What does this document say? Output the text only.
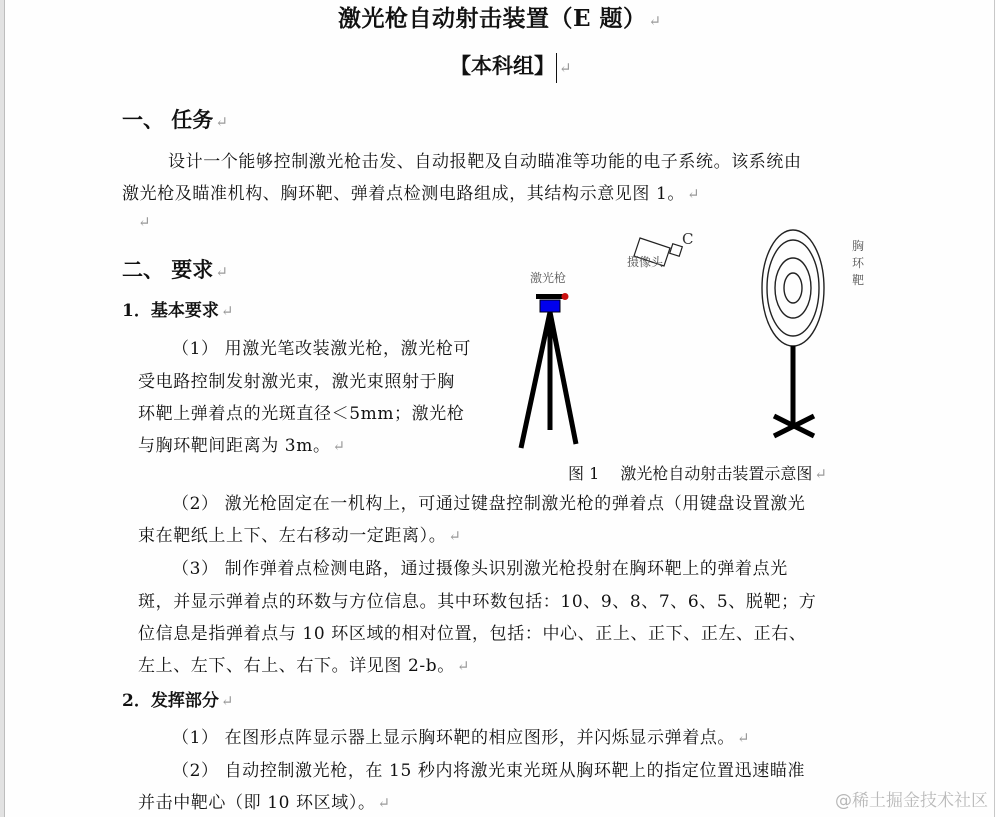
激光枪自动射击装置（E 题） ↵
【本科组】 ↵
一、 任务 ↵
设计一个能够控制激光枪击发、自动报靶及自动瞄准等功能的电子系统。该系统由
激光枪及瞄准机构、胸环靶、弹着点检测电路组成，其结构示意见图 1。 ↵
↵
二、 要求 ↵
1．基本要求 ↵
（1） 用激光笔改装激光枪，激光枪可
受电路控制发射激光束，激光束照射于胸
环靶上弹着点的光斑直径＜5mm；激光枪
与胸环靶间距离为 3m。 ↵
激光枪
C
摄像头
胸
环
靶
图 1　 激光枪自动射击装置示意图 ↵
（2） 激光枪固定在一机构上，可通过键盘控制激光枪的弹着点（用键盘设置激光
束在靶纸上上下、左右移动一定距离）。 ↵
（3） 制作弹着点检测电路，通过摄像头识别激光枪投射在胸环靶上的弹着点光
斑，并显示弹着点的环数与方位信息。其中环数包括：10、9、8、7、6、5、脱靶；方
位信息是指弹着点与 10 环区域的相对位置，包括：中心、正上、正下、正左、正右、
左上、左下、右上、右下。详见图 2-b。 ↵
2．发挥部分 ↵
（1） 在图形点阵显示器上显示胸环靶的相应图形，并闪烁显示弹着点。 ↵
（2） 自动控制激光枪，在 15 秒内将激光束光斑从胸环靶上的指定位置迅速瞄准
并击中靶心（即 10 环区域）。 ↵	@稀土掘金技术社区
